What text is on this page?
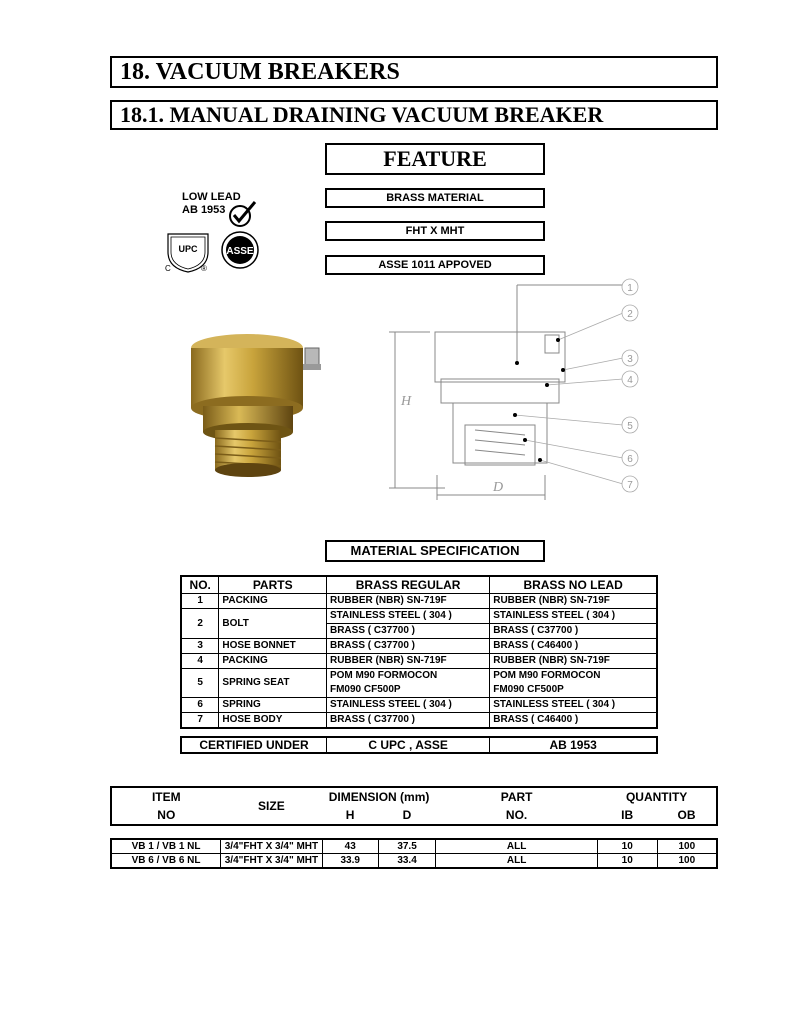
18. VACUUM BREAKERS
18.1. MANUAL DRAINING VACUUM BREAKER
FEATURE
BRASS MATERIAL
FHT X MHT
ASSE 1011 APPOVED
LOW LEAD
AB 1953
UPC
C	®
ASSE
1
2
3
4
5
6
7
H
D
MATERIAL SPECIFICATION
NO.	PARTS	BRASS REGULAR	BRASS NO LEAD
1	PACKING	RUBBER (NBR) SN-719F	RUBBER (NBR) SN-719F
2	BOLT	STAINLESS STEEL ( 304 )	STAINLESS STEEL ( 304 )
		BRASS ( C37700 )	BRASS ( C37700 )
3	HOSE BONNET	BRASS ( C37700 )	BRASS ( C46400 )
4	PACKING	RUBBER (NBR) SN-719F	RUBBER (NBR) SN-719F
5	SPRING SEAT	POM M90 FORMOCON	POM M90 FORMOCON
		FM090 CF500P	FM090 CF500P
6	SPRING	STAINLESS STEEL ( 304 )	STAINLESS STEEL ( 304 )
7	HOSE BODY	BRASS ( C37700 )	BRASS ( C46400 )
CERTIFIED UNDER	C UPC , ASSE	AB 1953
ITEM	SIZE	DIMENSION (mm)		PART	QUANTITY	
NO		H	D	NO.	IB	OB
VB 1 / VB 1 NL	3/4"FHT X 3/4" MHT	43	37.5	ALL	10	100
VB 6 / VB 6 NL	3/4"FHT X 3/4" MHT	33.9	33.4	ALL	10	100
